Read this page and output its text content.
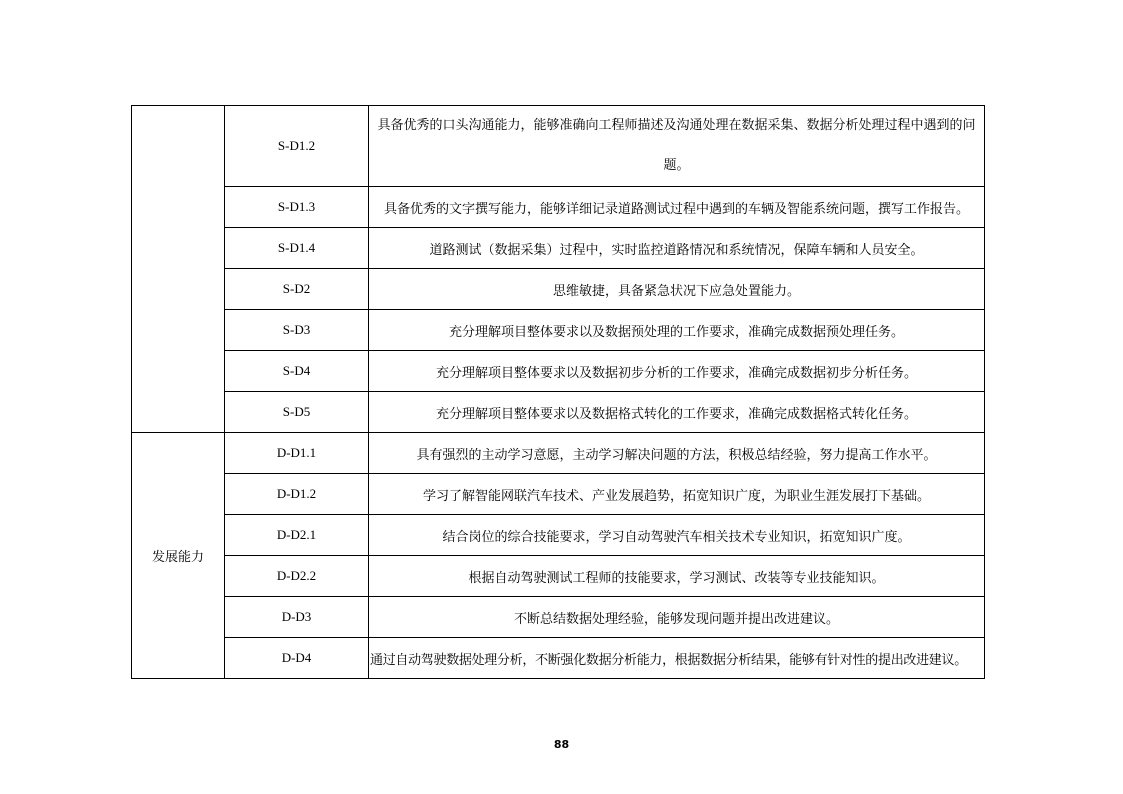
	S-D1.2	具备优秀的口头沟通能力，能够准确向工程师描述及沟通处理在数据采集、数据分析处理过程中遇到的问题。
	S-D1.3	具备优秀的文字撰写能力，能够详细记录道路测试过程中遇到的车辆及智能系统问题，撰写工作报告。
	S-D1.4	道路测试（数据采集）过程中，实时监控道路情况和系统情况，保障车辆和人员安全。
	S-D2	思维敏捷，具备紧急状况下应急处置能力。
	S-D3	充分理解项目整体要求以及数据预处理的工作要求，准确完成数据预处理任务。
	S-D4	充分理解项目整体要求以及数据初步分析的工作要求，准确完成数据初步分析任务。
	S-D5	充分理解项目整体要求以及数据格式转化的工作要求，准确完成数据格式转化任务。
发展能力	D-D1.1	具有强烈的主动学习意愿，主动学习解决问题的方法，积极总结经验，努力提高工作水平。
	D-D1.2	学习了解智能网联汽车技术、产业发展趋势，拓宽知识广度，为职业生涯发展打下基础。
	D-D2.1	结合岗位的综合技能要求，学习自动驾驶汽车相关技术专业知识，拓宽知识广度。
	D-D2.2	根据自动驾驶测试工程师的技能要求，学习测试、改装等专业技能知识。
	D-D3	不断总结数据处理经验，能够发现问题并提出改进建议。
	D-D4	通过自动驾驶数据处理分析，不断强化数据分析能力，根据数据分析结果，能够有针对性的提出改进建议。
88
